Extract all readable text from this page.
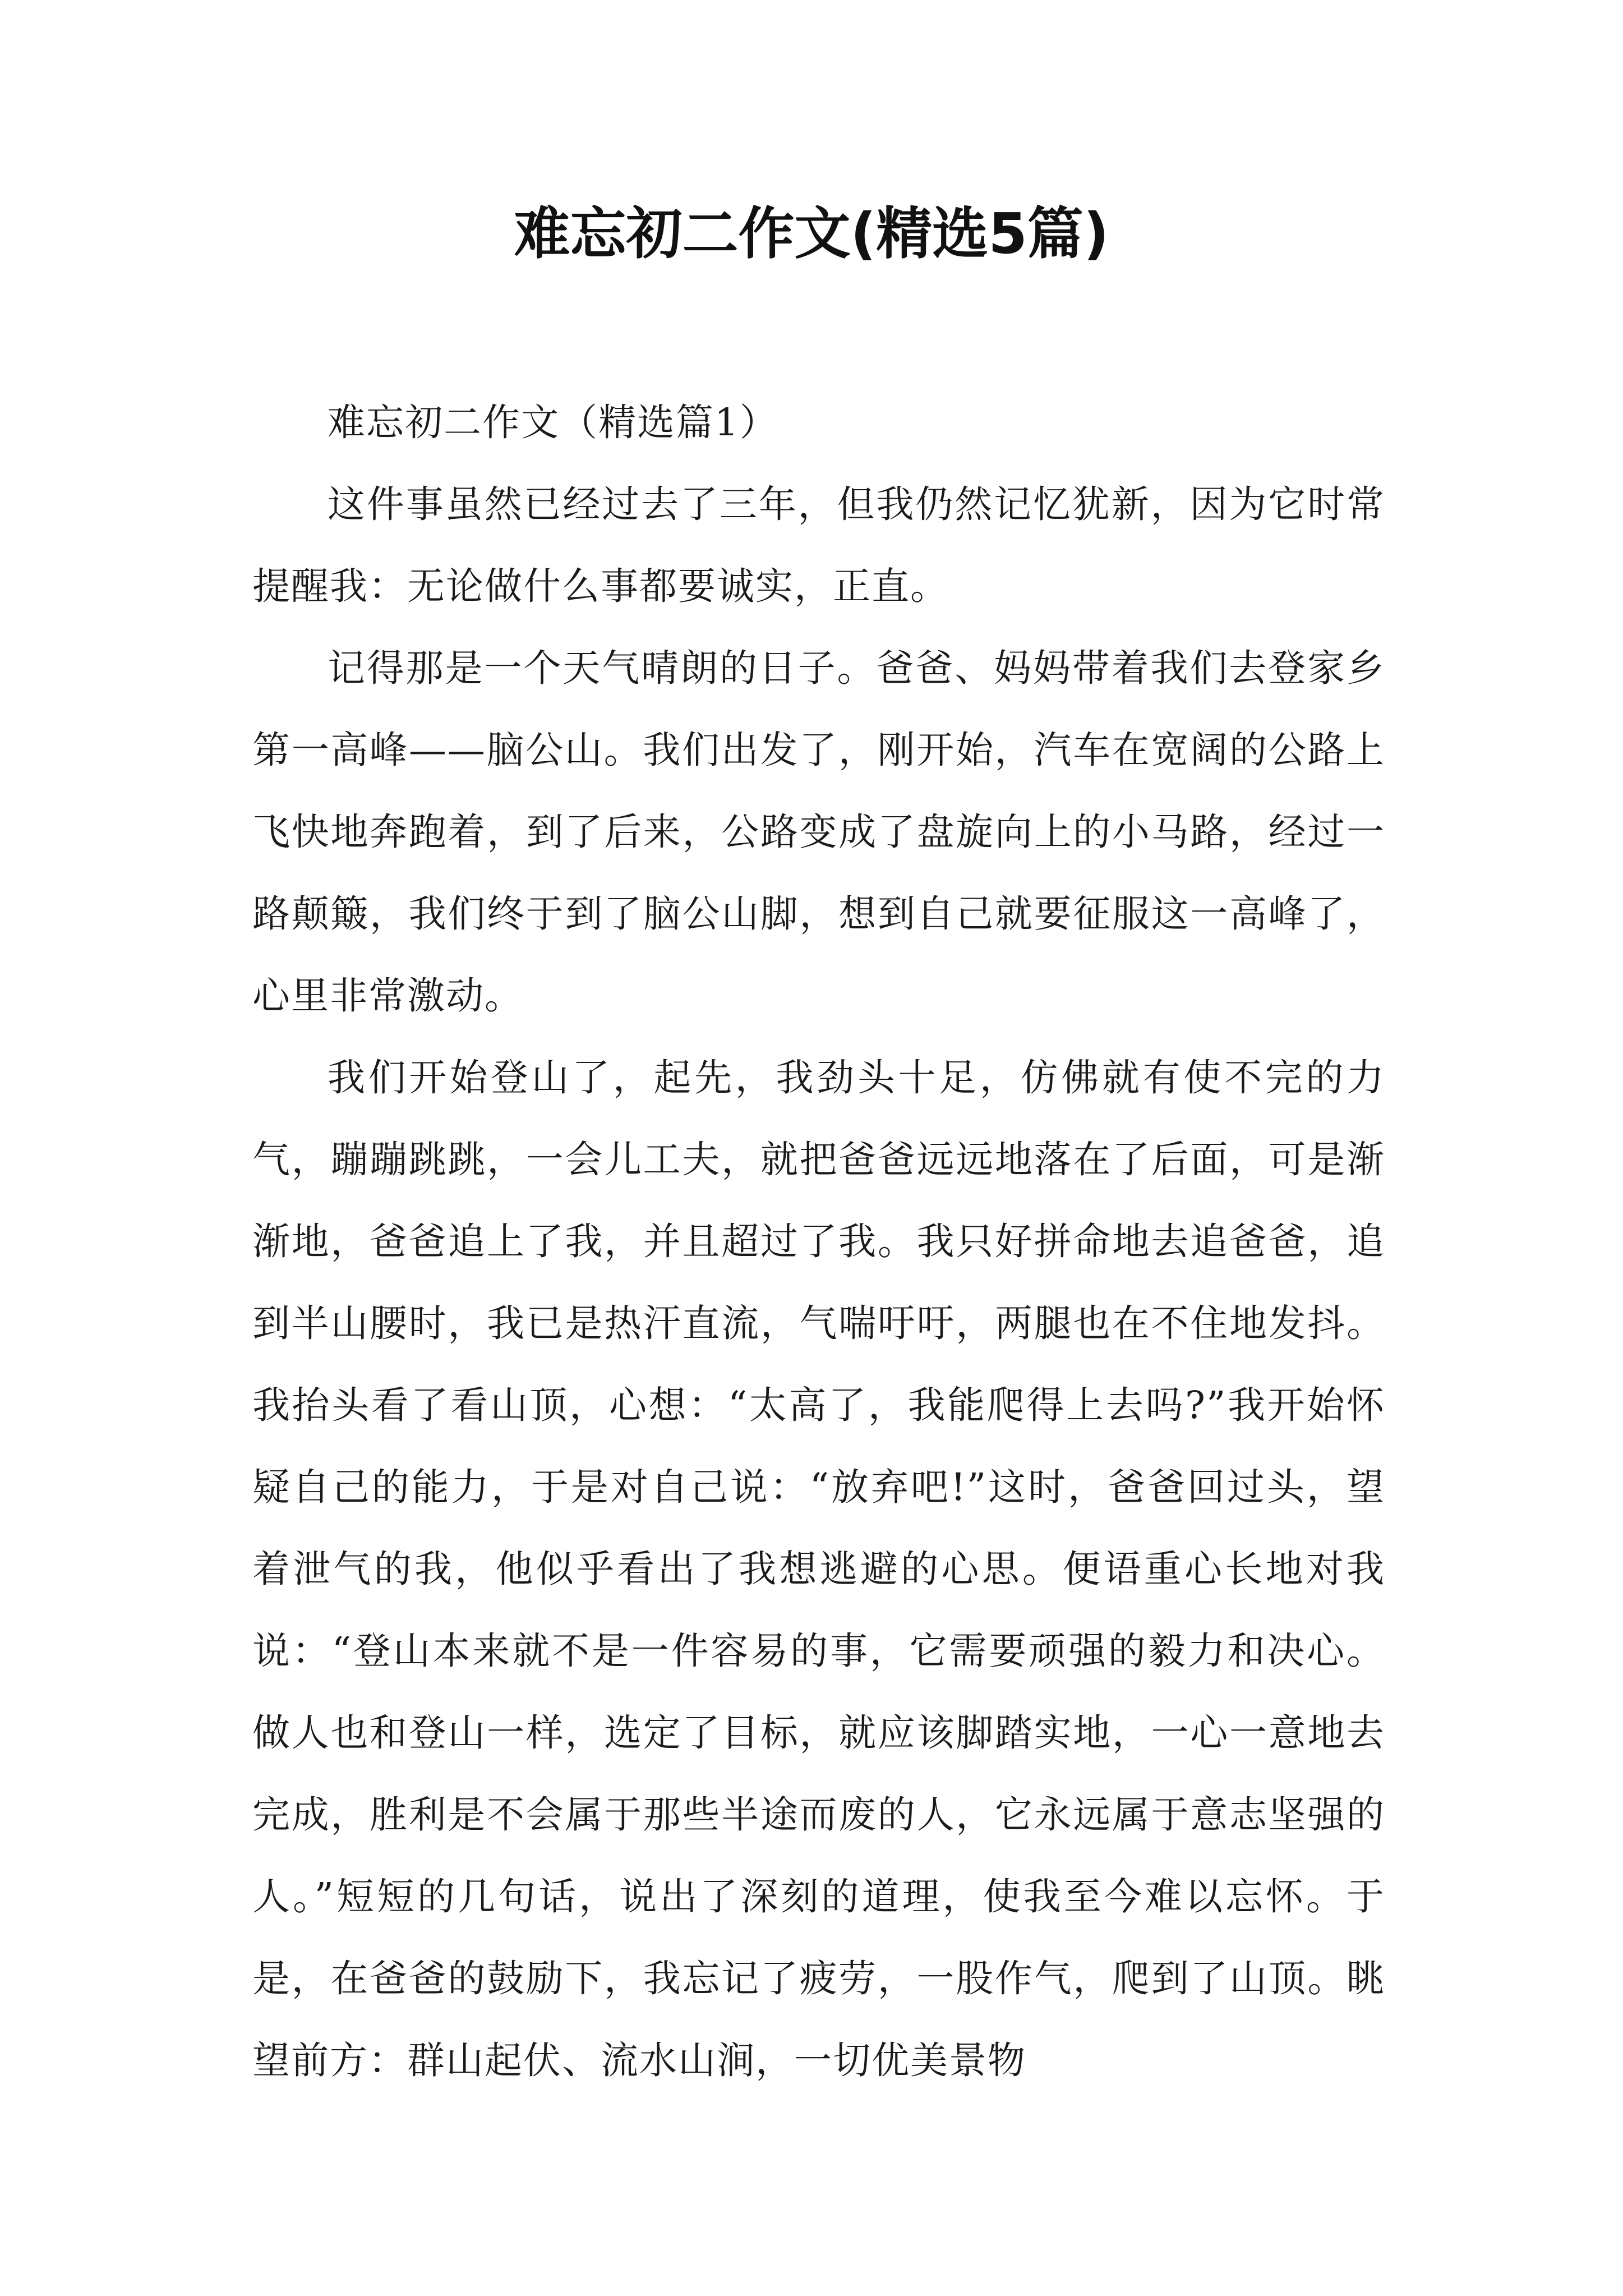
难忘初二作文(精选5篇)

难忘初二作文（精选篇1）

这件事虽然已经过去了三年，但我仍然记忆犹新，因为它时常提醒我：无论做什么事都要诚实，正直。

记得那是一个天气晴朗的日子。爸爸、妈妈带着我们去登家乡第一高峰——脑公山。我们出发了，刚开始，汽车在宽阔的公路上飞快地奔跑着，到了后来，公路变成了盘旋向上的小马路，经过一路颠簸，我们终于到了脑公山脚，想到自己就要征服这一高峰了，心里非常激动。

我们开始登山了，起先，我劲头十足，仿佛就有使不完的力气，蹦蹦跳跳，一会儿工夫，就把爸爸远远地落在了后面，可是渐渐地，爸爸追上了我，并且超过了我。我只好拼命地去追爸爸，追到半山腰时，我已是热汗直流，气喘吁吁，两腿也在不住地发抖。我抬头看了看山顶，心想：“太高了，我能爬得上去吗?”我开始怀疑自己的能力，于是对自己说：“放弃吧!”这时，爸爸回过头，望着泄气的我，他似乎看出了我想逃避的心思。便语重心长地对我说：“登山本来就不是一件容易的事，它需要顽强的毅力和决心。做人也和登山一样，选定了目标，就应该脚踏实地，一心一意地去完成，胜利是不会属于那些半途而废的人，它永远属于意志坚强的人。”短短的几句话，说出了深刻的道理，使我至今难以忘怀。于是，在爸爸的鼓励下，我忘记了疲劳，一股作气，爬到了山顶。眺望前方：群山起伏、流水山涧，一切优美景物
